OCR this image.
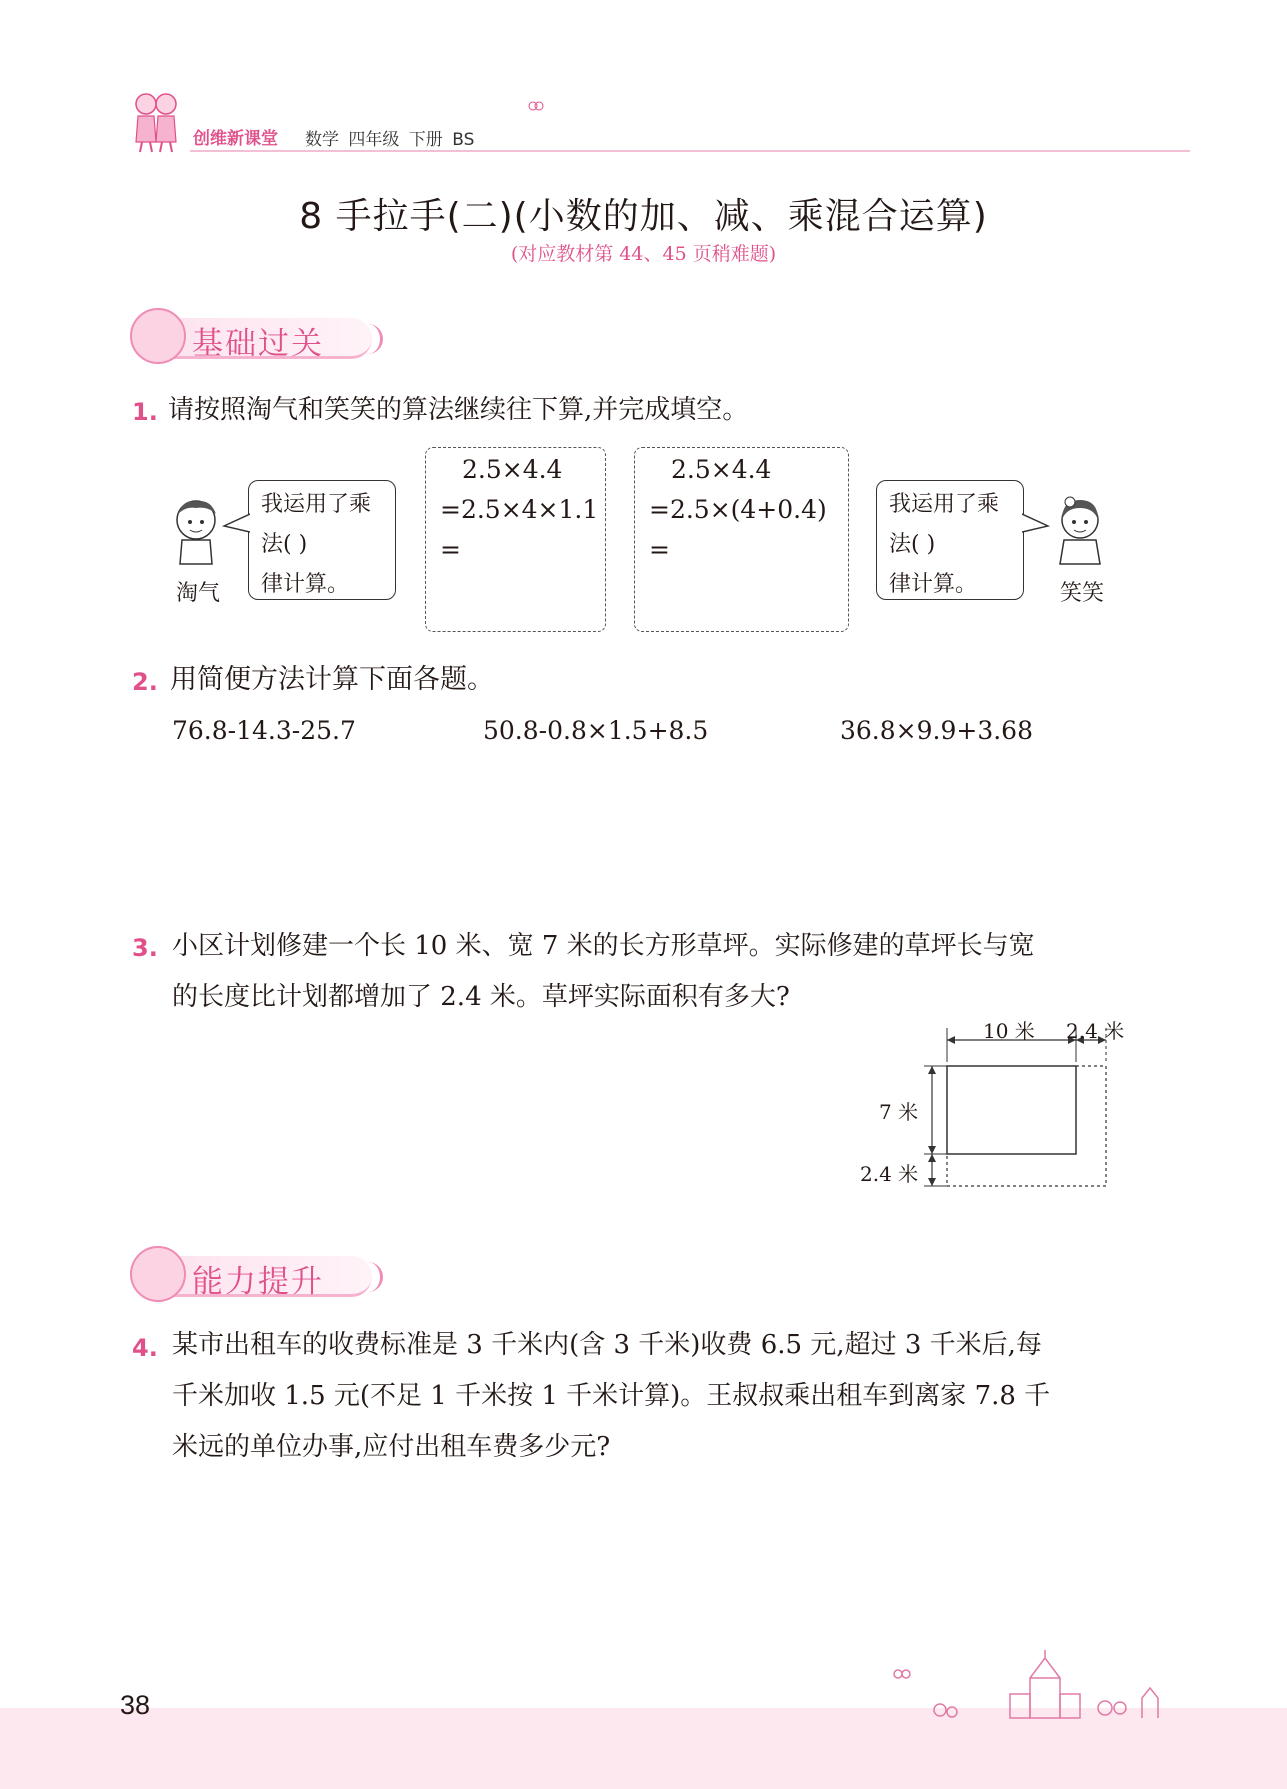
创维新课堂 数学 四年级 下册 BS
8 手拉手(二)(小数的加、减、乘混合运算)
(对应教材第 44、45 页稍难题)
基础过关
1. 请按照淘气和笑笑的算法继续往下算,并完成填空。
淘气
我运用了乘
法( )
律计算。
2.5×4.4
=2.5×4×1.1
=
2.5×4.4
=2.5×(4+0.4)
=
我运用了乘
法( )
律计算。	笑笑
2. 用简便方法计算下面各题。
76.8-14.3-25.7	50.8-0.8×1.5+8.5	36.8×9.9+3.68
3. 小区计划修建一个长 10 米、宽 7 米的长方形草坪。实际修建的草坪长与宽
的长度比计划都增加了 2.4 米。草坪实际面积有多大?
10 米 2.4 米
7 米
2.4 米
能力提升
4. 某市出租车的收费标准是 3 千米内(含 3 千米)收费 6.5 元,超过 3 千米后,每
千米加收 1.5 元(不足 1 千米按 1 千米计算)。王叔叔乘出租车到离家 7.8 千
米远的单位办事,应付出租车费多少元?
38
